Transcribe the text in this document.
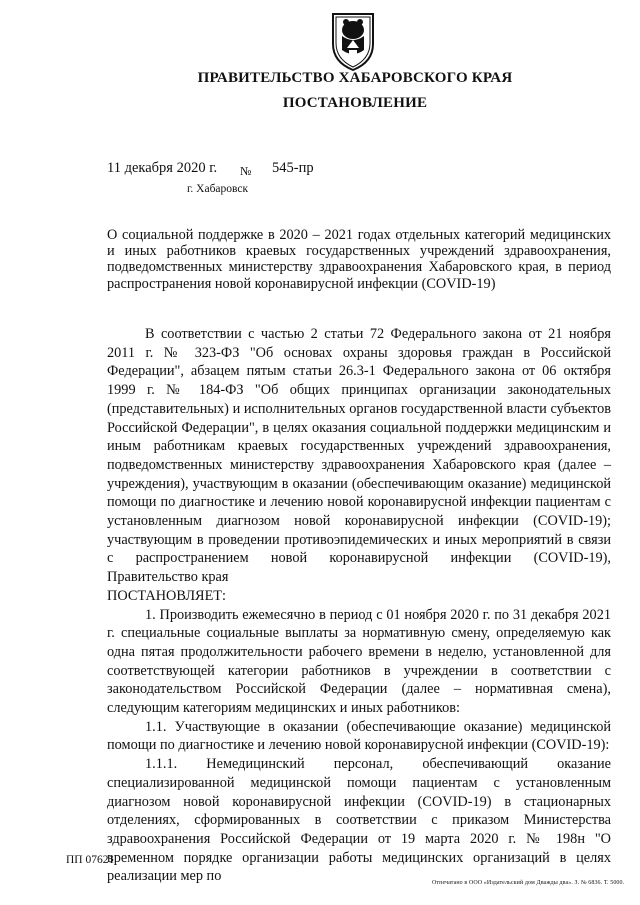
ПРАВИТЕЛЬСТВО ХАБАРОВСКОГО КРАЯ
ПОСТАНОВЛЕНИЕ
11 декабря 2020 г. № 545-пр
г. Хабаровск
О социальной поддержке в 2020 – 2021 годах отдельных категорий медицинских и иных работников краевых государственных учреждений здравоохранения, подведомственных министерству здравоохранения Хабаровского края, в период распространения новой коронавирусной инфекции (COVID-19)

В соответствии с частью 2 статьи 72 Федерального закона от 21 ноября 2011 г. № 323-ФЗ "Об основах охраны здоровья граждан в Российской Федерации", абзацем пятым статьи 26.3-1 Федерального закона от 06 октября 1999 г. № 184-ФЗ "Об общих принципах организации законодательных (представительных) и исполнительных органов государственной власти субъектов Российской Федерации", в целях оказания социальной поддержки медицинским и иным работникам краевых государственных учреждений здравоохранения, подведомственных министерству здравоохранения Хабаровского края (далее – учреждения), участвующим в оказании (обеспечивающим оказание) медицинской помощи по диагностике и лечению новой коронавирусной инфекции пациентам с установленным диагнозом новой коронавирусной инфекции (COVID-19); участвующим в проведении противоэпидемических и иных мероприятий в связи с распространением новой коронавирусной инфекции (COVID-19), Правительство края

ПОСТАНОВЛЯЕТ:

1. Производить ежемесячно в период с 01 ноября 2020 г. по 31 декабря 2021 г. специальные социальные выплаты за нормативную смену, определяемую как одна пятая продолжительности рабочего времени в неделю, установленной для соответствующей категории работников в учреждении в соответствии с законодательством Российской Федерации (далее – нормативная смена), следующим категориям медицинских и иных работников:

1.1. Участвующие в оказании (обеспечивающие оказание) медицинской помощи по диагностике и лечению новой коронавирусной инфекции (COVID-19):

1.1.1. Немедицинский персонал, обеспечивающий оказание специализированной медицинской помощи пациентам с установленным диагнозом новой коронавирусной инфекции (COVID-19) в стационарных отделениях, сформированных в соответствии с приказом Министерства здравоохранения Российской Федерации от 19 марта 2020 г. № 198н "О временном порядке организации работы медицинских организаций в целях реализации мер по

ПП 07621
Отпечатано в ООО «Издательский дом Дважды два». З. № 6836. Т. 5000.
